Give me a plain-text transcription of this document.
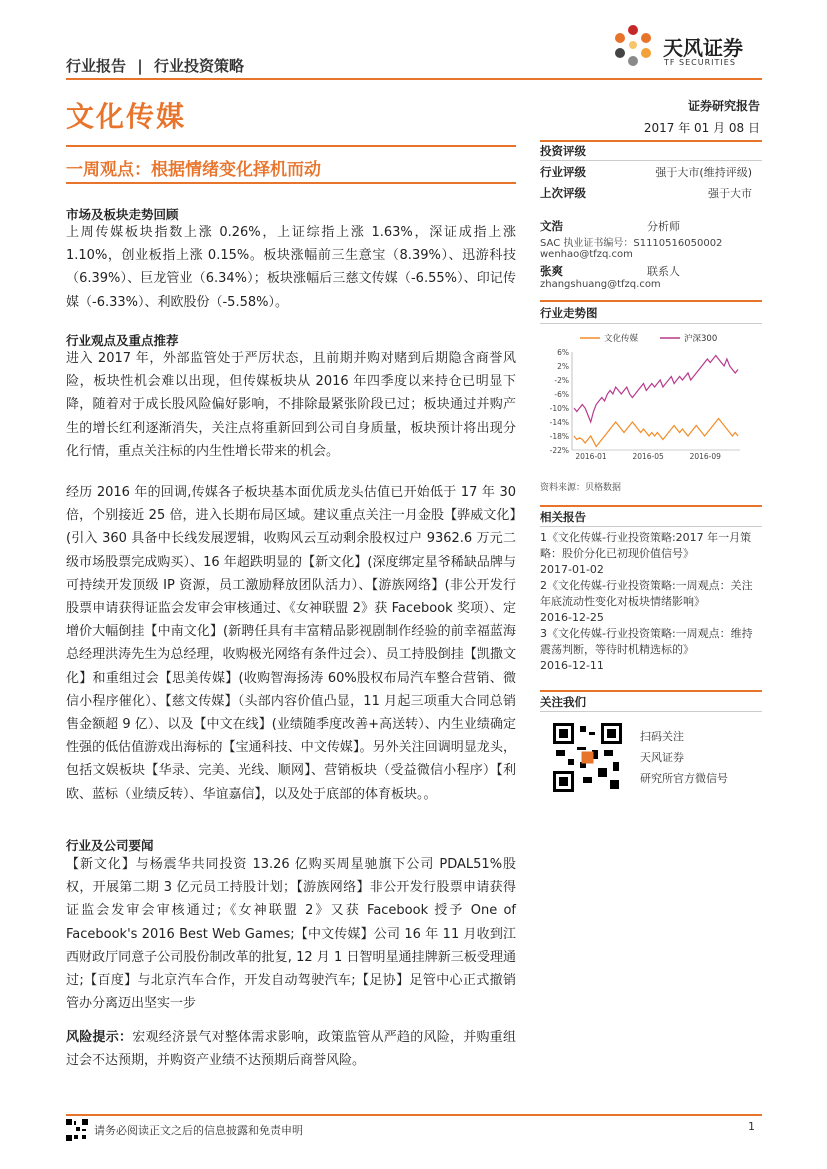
行业报告 | 行业投资策略
天风证券
TF SECURITIES
文化传媒	证券研究报告
2017 年 01 月 08 日
一周观点：根据情绪变化择机而动
市场及板块走势回顾

上周传媒板块指数上涨 0.26%，上证综指上涨 1.63%，深证成指上涨 1.10%，创业板指上涨 0.15%。板块涨幅前三生意宝（8.39%）、迅游科技（6.39%）、巨龙管业（6.34%）；板块涨幅后三慈文传媒（-6.55%）、印记传媒（-6.33%）、利欧股份（-5.58%）。

行业观点及重点推荐

进入 2017 年，外部监管处于严厉状态，且前期并购对赌到后期隐含商誉风险，板块性机会难以出现，但传媒板块从 2016 年四季度以来持仓已明显下降，随着对于成长股风险偏好影响，不排除最紧张阶段已过；板块通过并购产生的增长红利逐渐消失，关注点将重新回到公司自身质量，板块预计将出现分化行情，重点关注标的内生性增长带来的机会。

经历 2016 年的回调,传媒各子板块基本面优质龙头估值已开始低于 17 年 30 倍，个别接近 25 倍，进入长期布局区域。建议重点关注一月金股【骅威文化】(引入 360 具备中长线发展逻辑，收购风云互动剩余股权过户 9362.6 万元二级市场股票完成购买）、16 年超跌明显的【新文化】(深度绑定星爷稀缺品牌与可持续开发顶级 IP 资源，员工激励释放团队活力）、【游族网络】(非公开发行股票申请获得证监会发审会审核通过、《女神联盟 2》获 Facebook 奖项）、定增价大幅倒挂【中南文化】(新聘任具有丰富精品影视剧制作经验的前幸福蓝海总经理洪涛先生为总经理，收购极光网络有条件过会）、员工持股倒挂【凯撒文化】和重组过会【思美传媒】(收购智海扬涛 60%股权布局汽车整合营销、微信小程序催化）、【慈文传媒】（头部内容价值凸显，11 月起三项重大合同总销售金额超 9 亿）、以及【中文在线】(业绩随季度改善+高送转）、内生业绩确定性强的低估值游戏出海标的【宝通科技、中文传媒】。另外关注回调明显龙头，包括文娱板块【华录、完美、光线、顺网】、营销板块（受益微信小程序）【利欧、蓝标（业绩反转）、华谊嘉信】，以及处于底部的体育板块。。

行业及公司要闻

【新文化】与杨震华共同投资 13.26 亿购买周星驰旗下公司 PDAL51%股权，开展第二期 3 亿元员工持股计划；【游族网络】非公开发行股票申请获得证监会发审会审核通过;《女神联盟 2》又获 Facebook 授予 One of Facebook's 2016 Best Web Games;【中文传媒】公司 16 年 11 月收到江西财政厅同意子公司股份制改革的批复, 12 月 1 日智明星通挂牌新三板受理通过;【百度】与北京汽车合作，开发自动驾驶汽车;【足协】足管中心正式撤销 管办分离迈出坚实一步

风险提示：宏观经济景气对整体需求影响，政策监管从严趋的风险，并购重组过会不达预期，并购资产业绩不达预期后商誉风险。

投资评级
行业评级	强于大市(维持评级)
上次评级	强于大市
文浩	分析师
SAC 执业证书编号：S1110516050002
wenhao@tfzq.com
张爽	联系人
zhangshuang@tfzq.com
行业走势图
文化传媒	沪深300
6%
2%
-2%
-6%
-10%
-14%
-18%
-22%
2016-01	2016-05	2016-09
资料来源：贝格数据
相关报告
1《文化传媒-行业投资策略:2017 年一月策略：股价分化已初现价值信号》
2017-01-02
2《文化传媒-行业投资策略:一周观点：关注年底流动性变化对板块情绪影响》
2016-12-25
3《文化传媒-行业投资策略:一周观点：维持震荡判断，等待时机精选标的》
2016-12-11
关注我们
扫码关注
天风证券
研究所官方微信号
请务必阅读正文之后的信息披露和免责申明	1
